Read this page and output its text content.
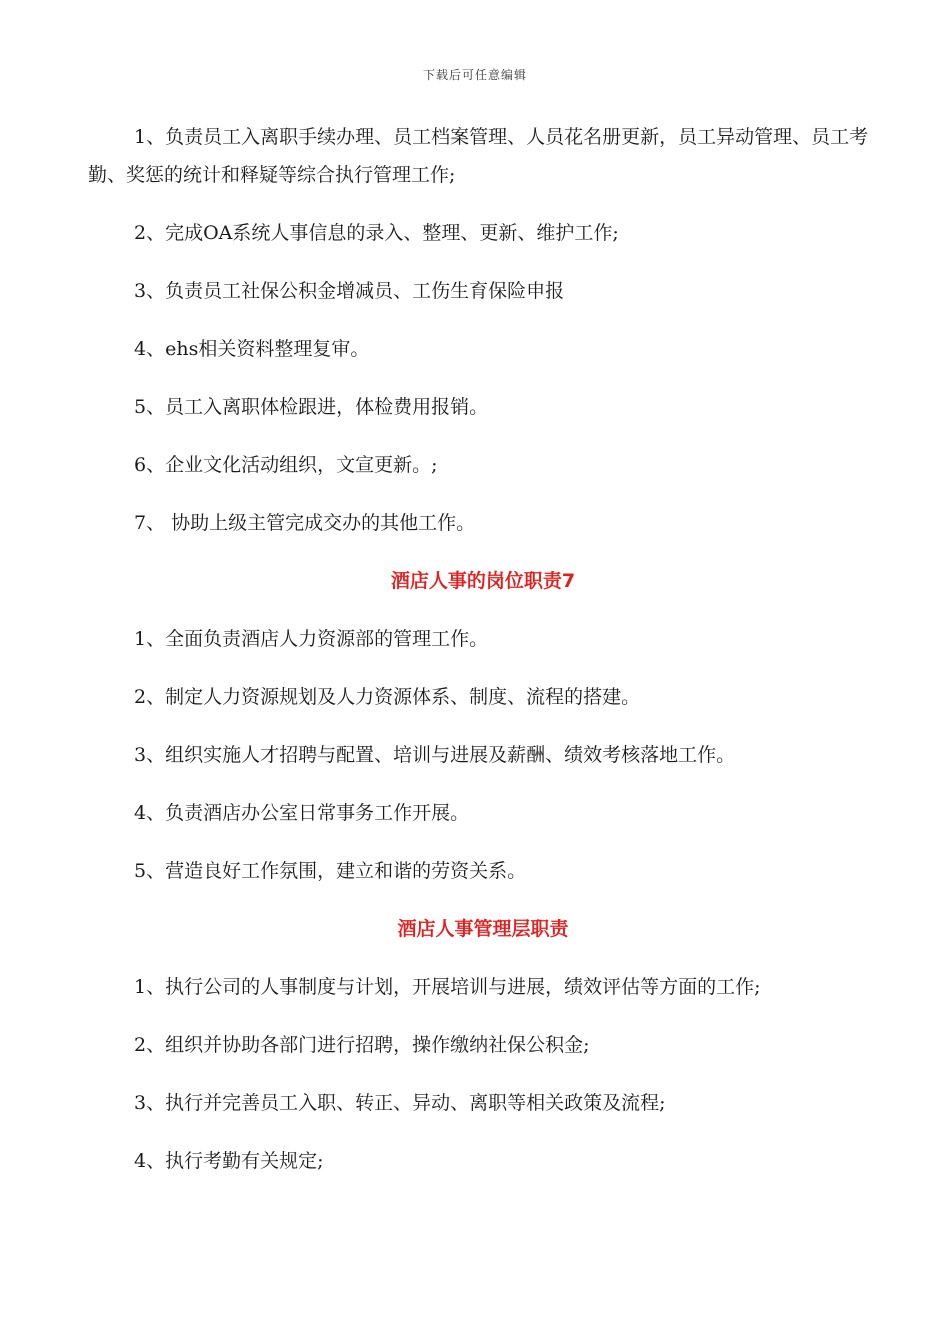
下载后可任意编辑

1、负责员工入离职手续办理、员工档案管理、人员花名册更新，员工异动管理、员工考勤、奖惩的统计和释疑等综合执行管理工作;

2、完成OA系统人事信息的录入、整理、更新、维护工作;

3、负责员工社保公积金增减员、工伤生育保险申报

4、ehs相关资料整理复审。

5、员工入离职体检跟进，体检费用报销。

6、企业文化活动组织，文宣更新。;

7、 协助上级主管完成交办的其他工作。

酒店人事的岗位职责7

1、全面负责酒店人力资源部的管理工作。

2、制定人力资源规划及人力资源体系、制度、流程的搭建。

3、组织实施人才招聘与配置、培训与进展及薪酬、绩效考核落地工作。

4、负责酒店办公室日常事务工作开展。

5、营造良好工作氛围，建立和谐的劳资关系。

酒店人事管理层职责

1、执行公司的人事制度与计划，开展培训与进展，绩效评估等方面的工作;

2、组织并协助各部门进行招聘，操作缴纳社保公积金;

3、执行并完善员工入职、转正、异动、离职等相关政策及流程;

4、执行考勤有关规定;
